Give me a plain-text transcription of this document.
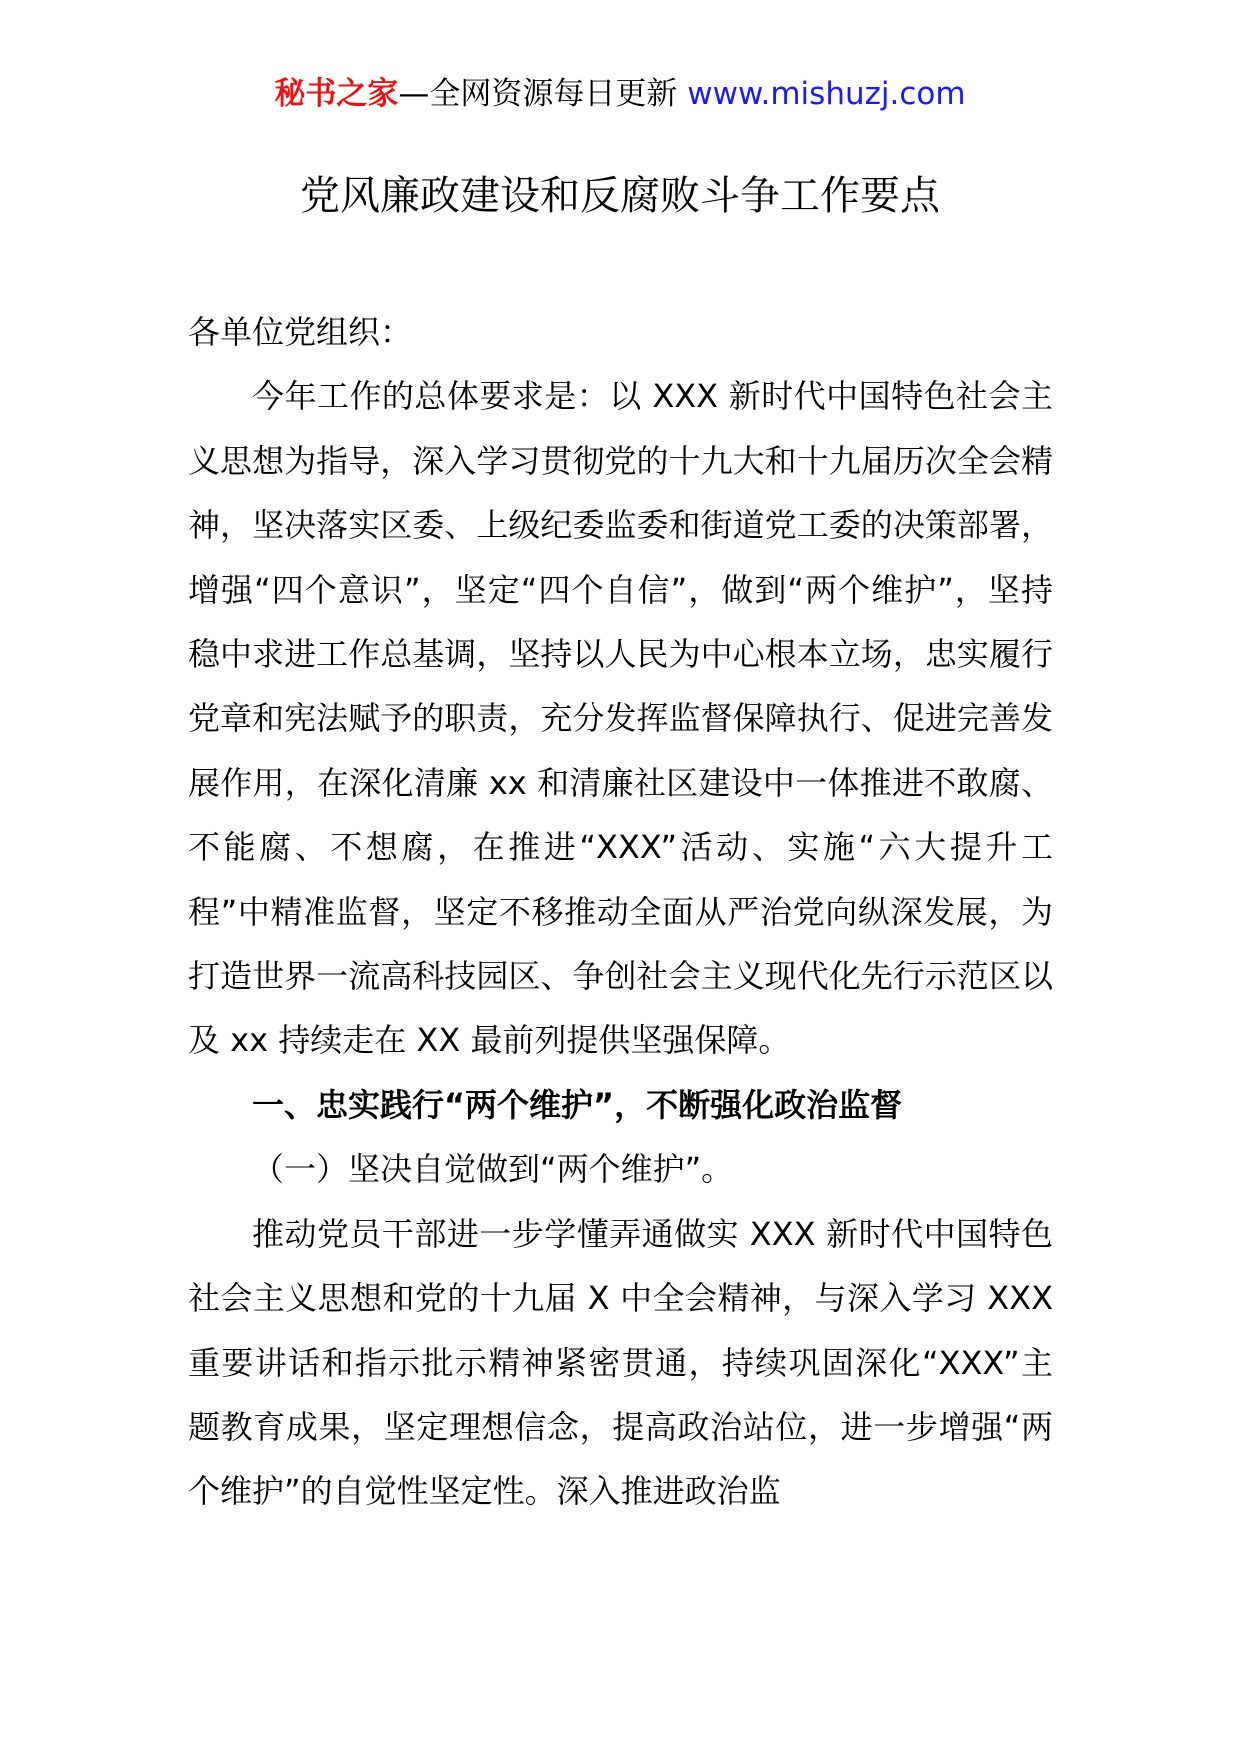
秘书之家—全网资源每日更新 www.mishuzj.com
党风廉政建设和反腐败斗争工作要点

各单位党组织：

今年工作的总体要求是：以 XXX 新时代中国特色社会主义思想为指导，深入学习贯彻党的十九大和十九届历次全会精神，坚决落实区委、上级纪委监委和街道党工委的决策部署，增强“四个意识”，坚定“四个自信”，做到“两个维护”，坚持稳中求进工作总基调，坚持以人民为中心根本立场，忠实履行党章和宪法赋予的职责，充分发挥监督保障执行、促进完善发展作用，在深化清廉 xx 和清廉社区建设中一体推进不敢腐、不能腐、不想腐，在推进“XXX”活动、实施“六大提升工程”中精准监督，坚定不移推动全面从严治党向纵深发展，为打造世界一流高科技园区、争创社会主义现代化先行示范区以及 xx 持续走在 XX 最前列提供坚强保障。

一、忠实践行“两个维护”，不断强化政治监督

（一）坚决自觉做到“两个维护”。

推动党员干部进一步学懂弄通做实 XXX 新时代中国特色社会主义思想和党的十九届 X 中全会精神，与深入学习 XXX 重要讲话和指示批示精神紧密贯通，持续巩固深化“XXX”主题教育成果，坚定理想信念，提高政治站位，进一步增强“两个维护”的自觉性坚定性。深入推进政治监
